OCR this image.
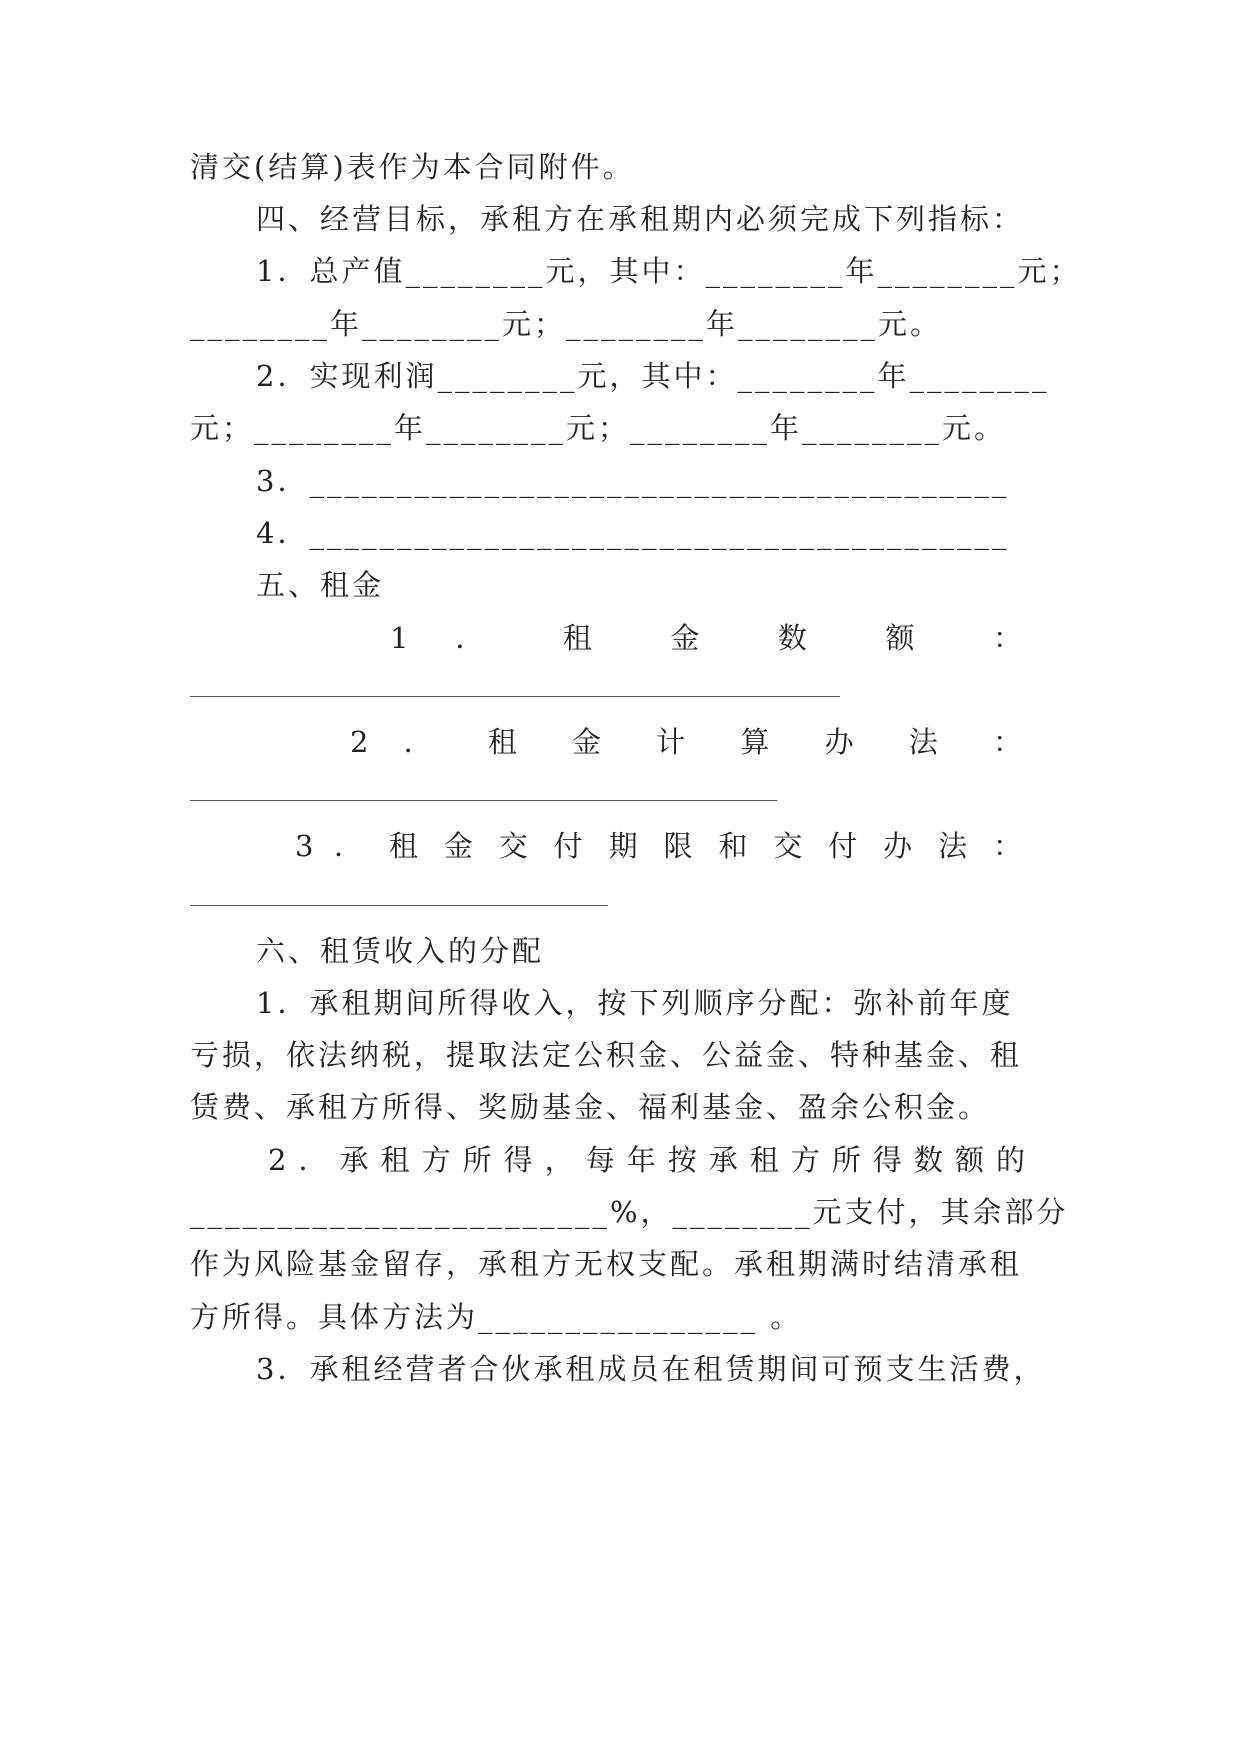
清交(结算)表作为本合同附件。
四、经营目标，承租方在承租期内必须完成下列指标：
1．总产值________元，其中：________年________元；
________年________元；________年________元。
2．实现利润________元，其中：________年________
元；________年________元；________年________元。
3．________________________________________
4．________________________________________
五、租金
1 ． 租 金 数 额 ：
2 ． 租 金 计 算 办 法 ：
3 ． 租 金 交 付 期 限 和 交 付 办 法 ：
六、租赁收入的分配
1．承租期间所得收入，按下列顺序分配：弥补前年度
亏损，依法纳税，提取法定公积金、公益金、特种基金、租
赁费、承租方所得、奖励基金、福利基金、盈余公积金。
2．承租方所得，每年按承租方所得数额的
________________________%，________元支付，其余部分
作为风险基金留存，承租方无权支配。承租期满时结清承租
方所得。具体方法为________________ 。
3．承租经营者合伙承租成员在租赁期间可预支生活费，
